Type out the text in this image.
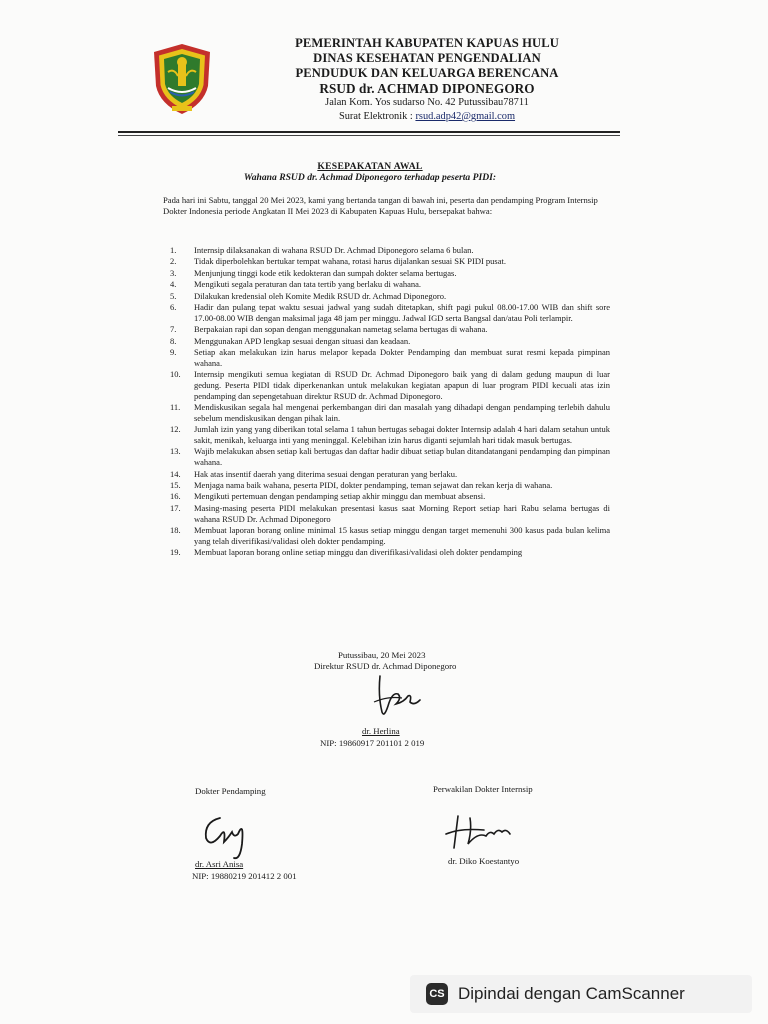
PEMERINTAH KABUPATEN KAPUAS HULU
DINAS KESEHATAN PENGENDALIAN
PENDUDUK DAN KELUARGA BERENCANA
RSUD dr. ACHMAD DIPONEGORO
Jalan Kom. Yos sudarso No. 42 Putussibau78711
Surat Elektronik : rsud.adp42@gmail.com
KESEPAKATAN AWAL
Wahana RSUD dr. Achmad Diponegoro terhadap peserta PIDI:
Pada hari ini Sabtu, tanggal 20 Mei 2023, kami yang bertanda tangan di bawah ini, peserta dan pendamping Program Internsip Dokter Indonesia periode Angkatan II Mei 2023 di Kabupaten Kapuas Hulu, bersepakat bahwa:
1.	Internsip dilaksanakan di wahana RSUD Dr. Achmad Diponegoro selama 6 bulan.
2.	Tidak diperbolehkan bertukar tempat wahana, rotasi harus dijalankan sesuai SK PIDI pusat.
3.	Menjunjung tinggi kode etik kedokteran dan sumpah dokter selama bertugas.
4.	Mengikuti segala peraturan dan tata tertib yang berlaku di wahana.
5.	Dilakukan kredensial oleh Komite Medik RSUD dr. Achmad Diponegoro.
6.	Hadir dan pulang tepat waktu sesuai jadwal yang sudah ditetapkan, shift pagi pukul 08.00-17.00 WIB dan shift sore 17.00-08.00 WIB dengan maksimal jaga 48 jam per minggu. Jadwal IGD serta Bangsal dan/atau Poli terlampir.
7.	Berpakaian rapi dan sopan dengan menggunakan nametag selama bertugas di wahana.
8.	Menggunakan APD lengkap sesuai dengan situasi dan keadaan.
9.	Setiap akan melakukan izin harus melapor kepada Dokter Pendamping dan membuat surat resmi kepada pimpinan wahana.
10.	Internsip mengikuti semua kegiatan di RSUD Dr. Achmad Diponegoro baik yang di dalam gedung maupun di luar gedung. Peserta PIDI tidak diperkenankan untuk melakukan kegiatan apapun di luar program PIDI kecuali atas izin pendamping dan sepengetahuan direktur RSUD dr. Achmad Diponegoro.
11.	Mendiskusikan segala hal mengenai perkembangan diri dan masalah yang dihadapi dengan pendamping terlebih dahulu sebelum mendiskusikan dengan pihak lain.
12.	Jumlah izin yang yang diberikan total selama 1 tahun bertugas sebagai dokter Internsip adalah 4 hari dalam setahun untuk sakit, menikah, keluarga inti yang meninggal. Kelebihan izin harus diganti sejumlah hari tidak masuk bertugas.
13.	Wajib melakukan absen setiap kali bertugas dan daftar hadir dibuat setiap bulan ditandatangani pendamping dan pimpinan wahana.
14.	Hak atas insentif daerah yang diterima sesuai dengan peraturan yang berlaku.
15.	Menjaga nama baik wahana, peserta PIDI, dokter pendamping, teman sejawat dan rekan kerja di wahana.
16.	Mengikuti pertemuan dengan pendamping setiap akhir minggu dan membuat absensi.
17.	Masing-masing peserta PIDI melakukan presentasi kasus saat Morning Report setiap hari Rabu selama bertugas di wahana RSUD Dr. Achmad Diponegoro
18.	Membuat laporan borang online minimal 15 kasus setiap minggu dengan target memenuhi 300 kasus pada bulan kelima yang telah diverifikasi/validasi oleh dokter pendamping.
19.	Membuat laporan borang online setiap minggu dan diverifikasi/validasi oleh dokter pendamping
Putussibau, 20 Mei 2023
Direktur RSUD dr. Achmad Diponegoro
dr. Herlina
NIP: 19860917 201101 2 019
Dokter Pendamping
dr. Asri Anisa
NIP: 19880219 201412 2 001
Perwakilan Dokter Internsip
dr. Diko Koestantyo
CS Dipindai dengan CamScanner
